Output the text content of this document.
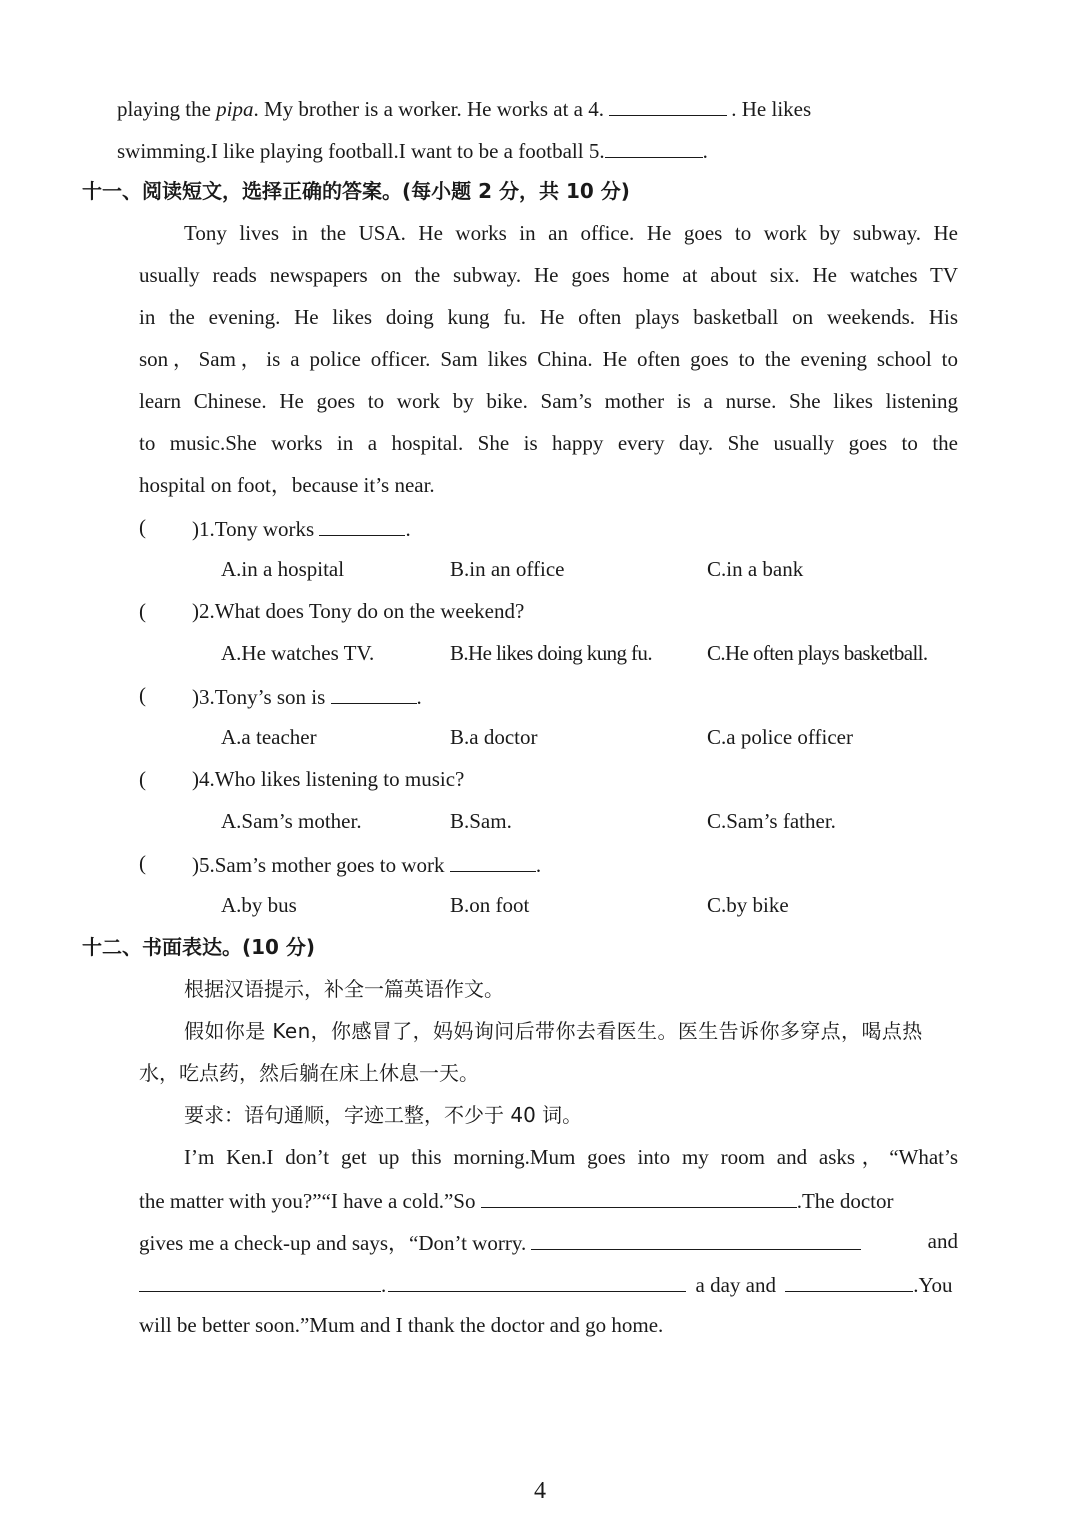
playing the pipa. My brother is a worker. He works at a 4.	. He likes
swimming.I like playing football.I want to be a football 5.	.
十一、阅读短文，选择正确的答案。(每小题 2 分，共 10 分)
Tony lives in the USA. He works in an office. He goes to work by subway. He
usually reads newspapers on the subway. He goes home at about six. He watches TV
in the evening. He likes doing kung fu. He often plays basketball on weekends. His
son，Sam，is a police officer. Sam likes China. He often goes to the evening school to
learn Chinese. He goes to work by bike. Sam’s mother is a nurse. She likes listening
to music.She works in a hospital. She is happy every day. She usually goes to the
hospital on foot，because it’s near.
( )1.Tony works	.
A.in a hospital	B.in an office	C.in a bank
( )2.What does Tony do on the weekend?
A.He watches TV.	B.He likes doing kung fu.	C.He often plays basketball.
( )3.Tony’s son is	.
A.a teacher	B.a doctor	C.a police officer
( )4.Who likes listening to music?
A.Sam’s mother.	B.Sam.	C.Sam’s father.
( )5.Sam’s mother goes to work	.
A.by bus	B.on foot	C.by bike
十二、书面表达。(10 分)
根据汉语提示，补全一篇英语作文。
假如你是 Ken，你感冒了，妈妈询问后带你去看医生。医生告诉你多穿点，喝点热
水，吃点药，然后躺在床上休息一天。
要求：语句通顺，字迹工整，不少于 40 词。
I’m Ken.I don’t get up this morning.Mum goes into my room and asks，“What’s
the matter with you?”“I have a cold.”So	.The doctor
gives me a check-up and says，“Don’t worry.	and
.	a day and	.You
will be better soon.”Mum and I thank the doctor and go home.
4
